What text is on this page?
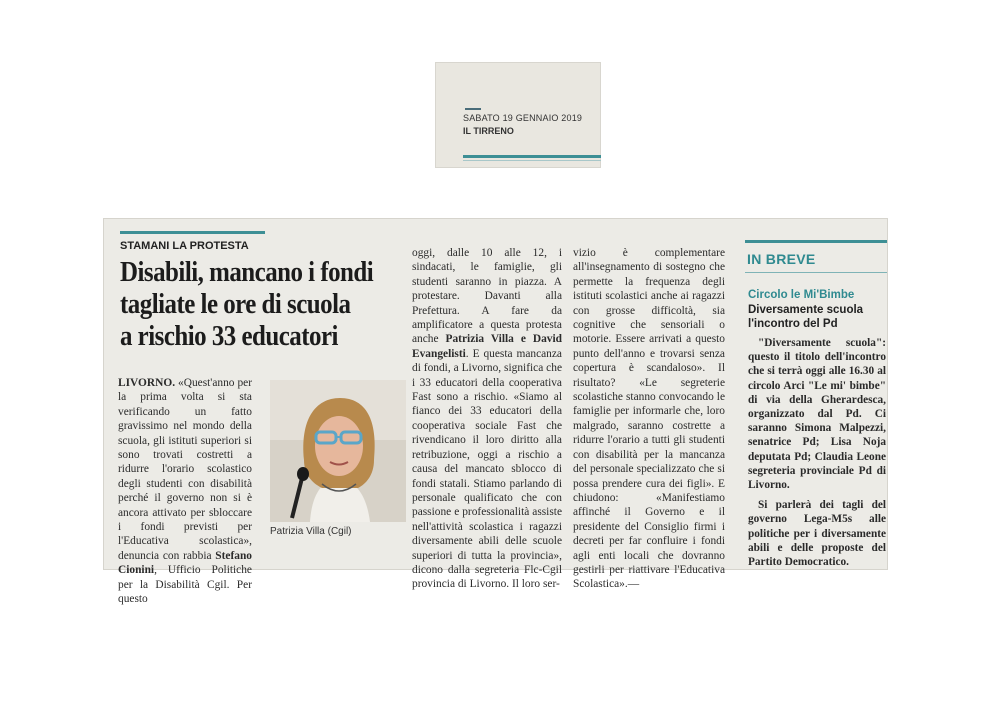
SABATO 19 GENNAIO 2019
IL TIRRENO
STAMANI LA PROTESTA
Disabili, mancano i fondi
tagliate le ore di scuola
a rischio 33 educatori
LIVORNO. «Quest'anno per la prima volta si sta verificando un fatto gravissimo nel mondo della scuola, gli istituti superiori si sono trovati costretti a ridurre l'orario scolastico degli studenti con disabilità perché il governo non si è ancora attivato per sbloccare i fondi previsti per l'Educativa scolastica», denuncia con rabbia Stefano Cionini, Ufficio Politiche per la Disabilità Cgil. Per questo
Patrizia Villa (Cgil)
oggi, dalle 10 alle 12, i sindacati, le famiglie, gli studenti saranno in piazza. A protestare. Davanti alla Prefettura. A fare da amplificatore a questa protesta anche Patrizia Villa e David Evangelisti. E questa mancanza di fondi, a Livorno, significa che i 33 educatori della cooperativa Fast sono a rischio. «Siamo al fianco dei 33 educatori della cooperativa sociale Fast che rivendicano il loro diritto alla retribuzione, oggi a rischio a causa del mancato sblocco di fondi statali. Stiamo parlando di personale qualificato che con passione e professionalità assiste nell'attività scolastica i ragazzi diversamente abili delle scuole superiori di tutta la provincia», dicono dalla segreteria Flc-Cgil provincia di Livorno. Il loro ser-
vizio è complementare all'insegnamento di sostegno che permette la frequenza degli istituti scolastici anche ai ragazzi con grosse difficoltà, sia cognitive che sensoriali o motorie. Essere arrivati a questo punto dell'anno e trovarsi senza copertura è scandaloso». Il risultato? «Le segreterie scolastiche stanno convocando le famiglie per informarle che, loro malgrado, saranno costrette a ridurre l'orario a tutti gli studenti con disabilità per la mancanza del personale specializzato che si possa prendere cura dei figli». E chiudono: «Manifestiamo affinché il Governo e il presidente del Consiglio firmi i decreti per far confluire i fondi agli enti locali che dovranno gestirli per riattivare l'Educativa Scolastica».—
IN BREVE
Circolo le Mi'Bimbe
Diversamente scuola l'incontro del Pd

"Diversamente scuola": questo il titolo dell'incontro che si terrà oggi alle 16.30 al circolo Arci "Le mi' bimbe" di via della Gherardesca, organizzato dal Pd. Ci saranno Simona Malpezzi, senatrice Pd; Lisa Noja deputata Pd; Claudia Leone segreteria provinciale Pd di Livorno.

Si parlerà dei tagli del governo Lega-M5s alle politiche per i diversamente abili e delle proposte del Partito Democratico.
